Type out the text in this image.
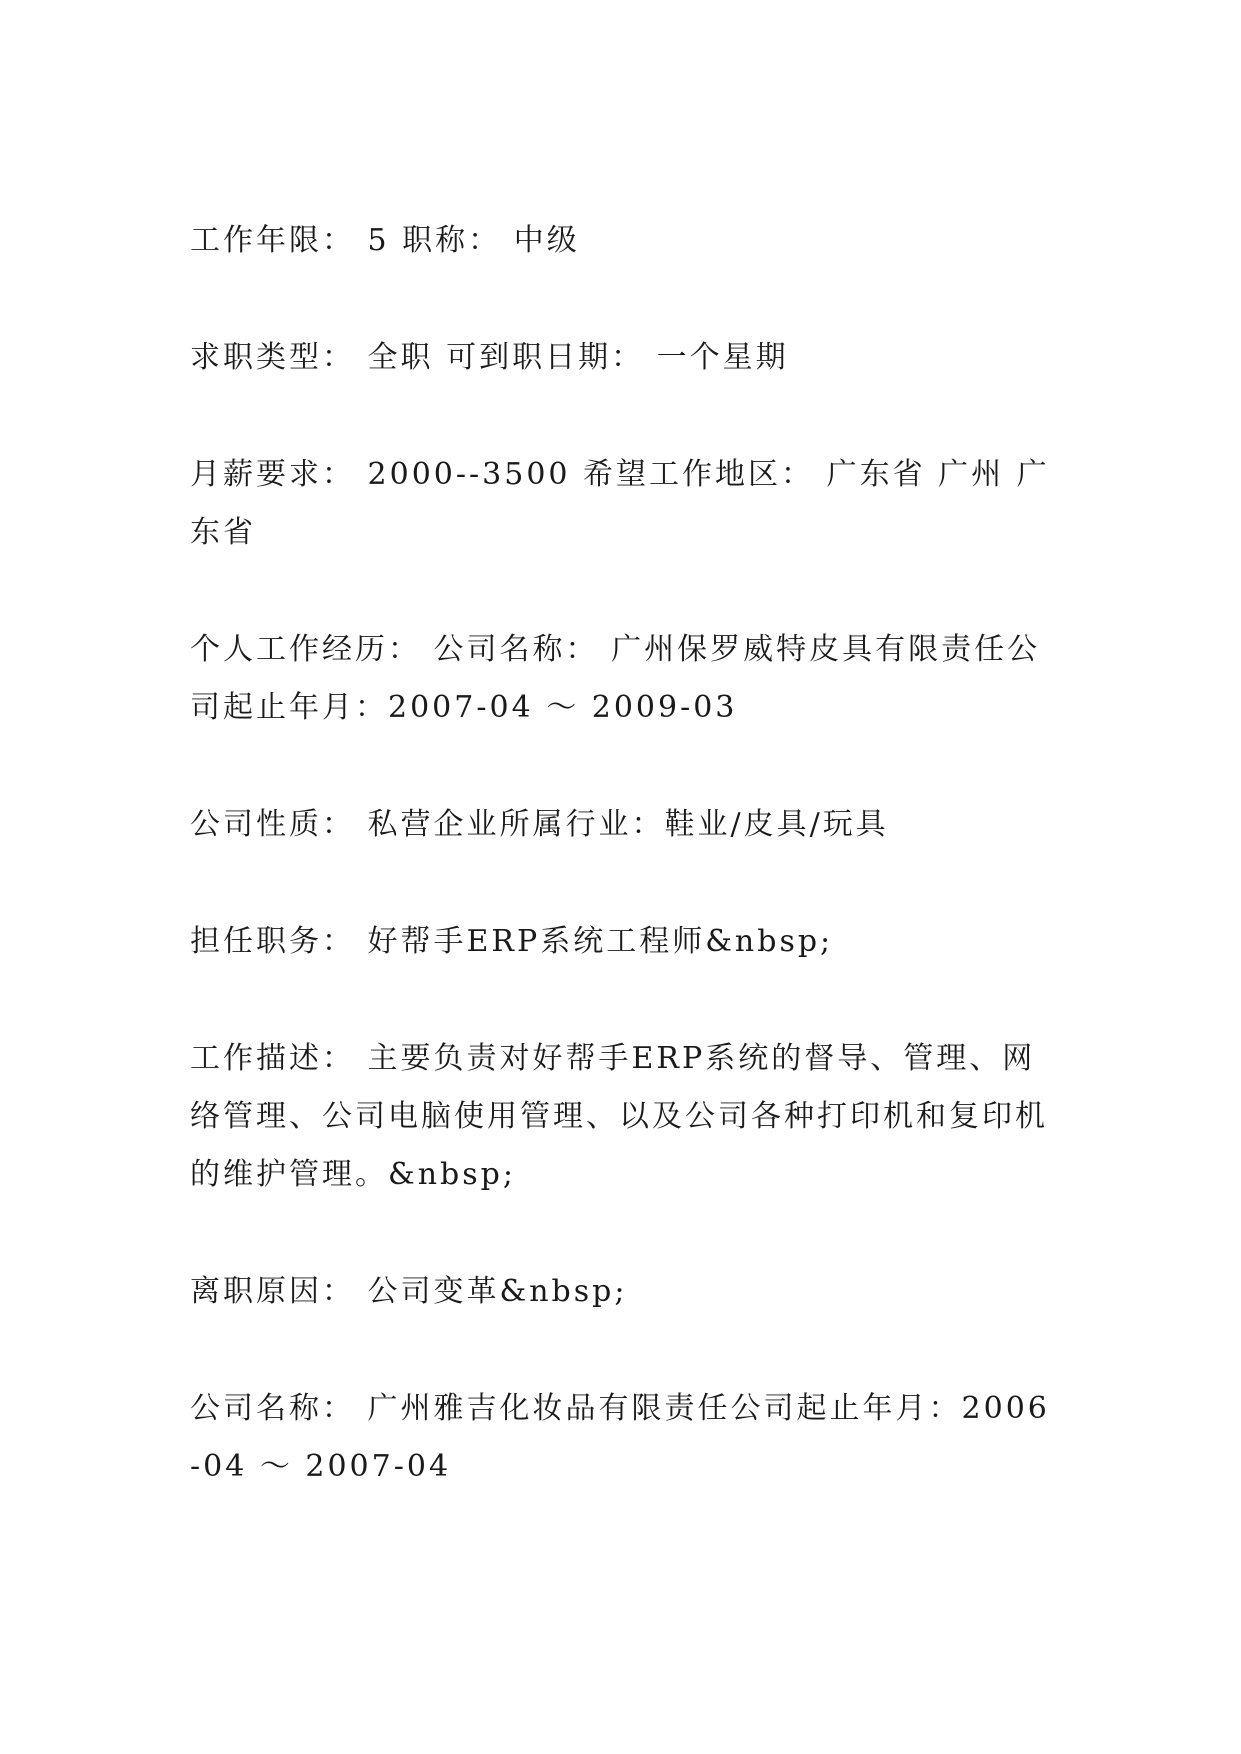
工作年限： 5 职称： 中级

求职类型： 全职 可到职日期： 一个星期

月薪要求： 2000--3500 希望工作地区： 广东省 广州 广东省

个人工作经历： 公司名称： 广州保罗威特皮具有限责任公司起止年月：2007-04 ～ 2009-03

公司性质： 私营企业所属行业：鞋业/皮具/玩具

担任职务： 好帮手ERP系统工程师&nbsp;

工作描述： 主要负责对好帮手ERP系统的督导、管理、网络管理、公司电脑使用管理、以及公司各种打印机和复印机的维护管理。&nbsp;

离职原因： 公司变革&nbsp;

公司名称： 广州雅吉化妆品有限责任公司起止年月：2006-04 ～ 2007-04
